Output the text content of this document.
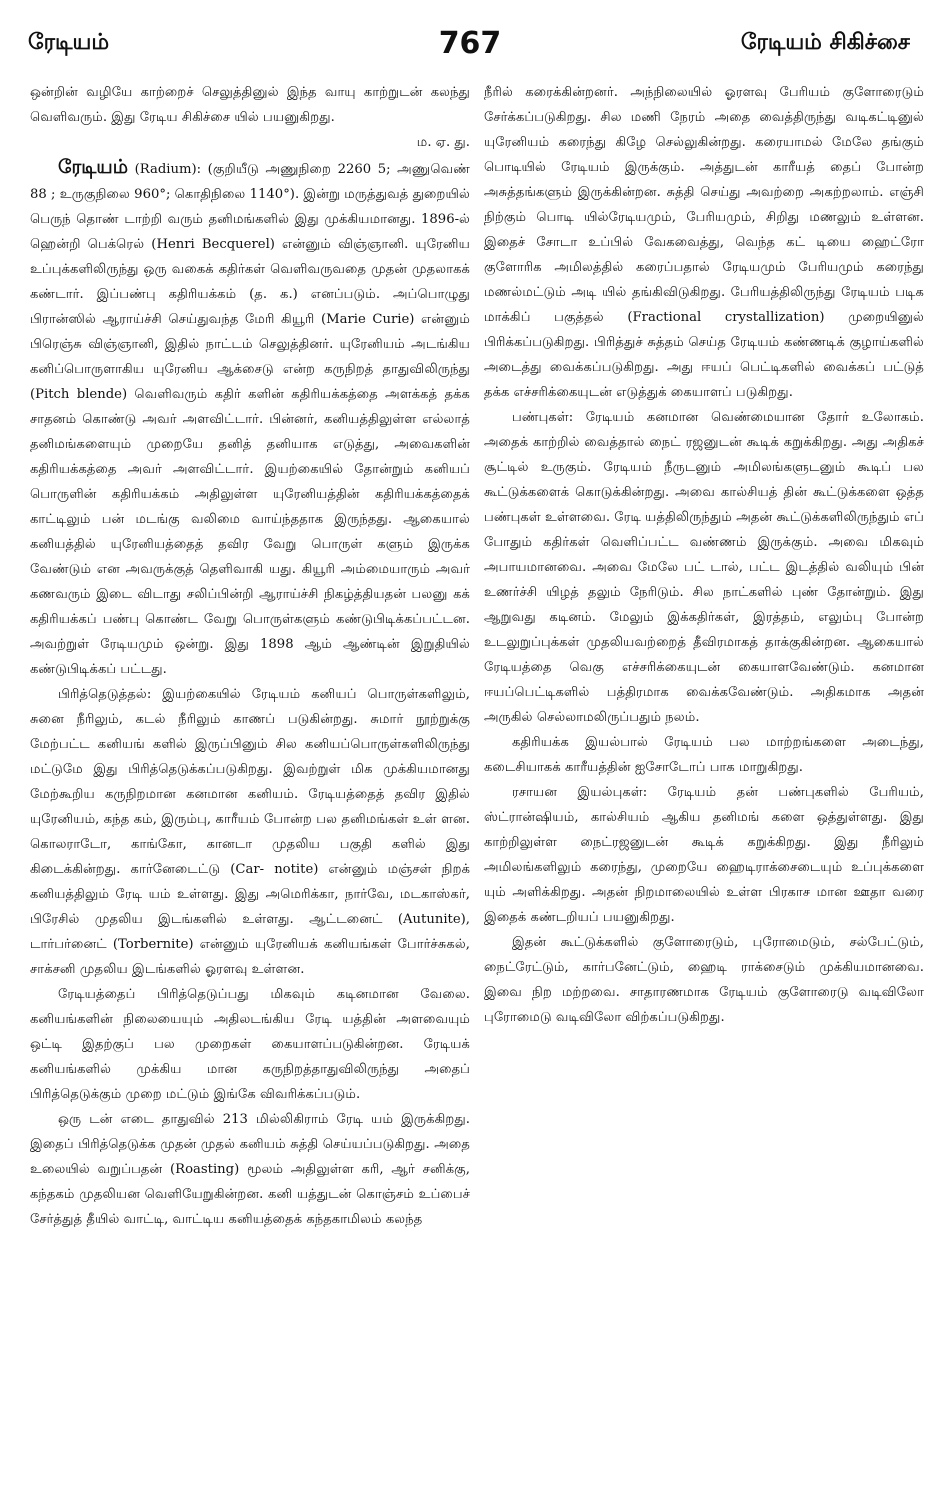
ரேடியம்	767	ரேடியம் சிகிச்சை

ஒன்றின் வழியே காற்றைச் செலுத்தினுல் இந்த வாயு காற்றுடன் கலந்து வெளிவரும். இது ரேடிய சிகிச்சை யில் பயனுகிறது.

ம. ஏ. து.

ரேடியம் (Radium): (குறியீடு அணுநிறை 2260 5; அணுவெண் 88 ; உருகுநிலை 960°; கொதிநிலை 1140°). இன்று மருத்துவத் துறையில் பெருந் தொண் டாற்றி வரும் தனிமங்களில் இது முக்கியமானது. 1896-ல் ஹென்றி பெக்ரெல் (Henri Becquerel) என்னும் விஞ்ஞானி. யுரேனிய உப்புக்களிலிருந்து ஒரு வகைக் கதிர்கள் வெளிவருவதை முதன் முதலாகக் கண்டார். இப்பண்பு கதிரியக்கம் (த. க.) எனப்படும். அப்பொழுது பிரான்ஸில் ஆராய்ச்சி செய்துவந்த மேரி கியூரி (Marie Curie) என்னும் பிரெஞ்சு விஞ்ஞானி, இதில் நாட்டம் செலுத்தினர். யுரேனியம் அடங்கிய கனிப்பொருளாகிய யுரேனிய ஆக்சைடு என்ற கருநிறத் தாதுவிலிருந்து (Pitch blende) வெளிவரும் கதிர் களின் கதிரியக்கத்தை அளக்கத் தக்க சாதனம் கொண்டு அவர் அளவிட்டார். பின்னர், கனியத்திலுள்ள எல்லாத் தனிமங்களையும் முறையே தனித் தனியாக எடுத்து, அவைகளின் கதிரியக்கத்தை அவர் அளவிட்டார். இயற்கையில் தோன்றும் கனியப் பொருளின் கதிரியக்கம் அதிலுள்ள யுரேனியத்தின் கதிரியக்கத்தைக் காட்டிலும் பன் மடங்கு வலிமை வாய்ந்ததாக இருந்தது. ஆகையால் கனியத்தில் யுரேனியத்தைத் தவிர வேறு பொருள் களும் இருக்க வேண்டும் என அவருக்குத் தெளிவாகி யது. கியூரி அம்மையாரும் அவர் கணவரும் இடை விடாது சலிப்பின்றி ஆராய்ச்சி நிகழ்த்தியதன் பலனு கக் கதிரியக்கப் பண்பு கொண்ட வேறு பொருள்களும் கண்டுபிடிக்கப்பட்டன. அவற்றுள் ரேடியமும் ஒன்று. இது 1898 ஆம் ஆண்டின் இறுதியில் கண்டுபிடிக்கப் பட்டது.

பிரித்தெடுத்தல்: இயற்கையில் ரேடியம் கனியப் பொருள்களிலும், சுனை நீரிலும், கடல் நீரிலும் காணப் படுகின்றது. சுமார் நூற்றுக்கு மேற்பட்ட கனியங் களில் இருப்பினும் சில கனியப்பொருள்களிலிருந்து மட்டுமே இது பிரித்தெடுக்கப்படுகிறது. இவற்றுள் மிக முக்கியமானது மேற்கூறிய கருநிறமான கனமான கனியம். ரேடியத்தைத் தவிர இதில் யுரேனியம், கந்த கம், இரும்பு, காரீயம் போன்ற பல தனிமங்கள் உள் ளன. கொலராடோ, காங்கோ, கானடா முதலிய பகுதி களில் இது கிடைக்கின்றது. கார்னேடைட்டு (Car- notite) என்னும் மஞ்சள் நிறக் கனியத்திலும் ரேடி யம் உள்ளது. இது அமெரிக்கா, நார்வே, மடகாஸ்கர், பிரேசில் முதலிய இடங்களில் உள்ளது. ஆட்டனைட் (Autunite), டார்பர்னைட் (Torbernite) என்னும் யுரேனியக் கனியங்கள் போர்ச்சுகல், சாக்சனி முதலிய இடங்களில் ஓரளவு உள்ளன.

ரேடியத்தைப் பிரித்தெடுப்பது மிகவும் கடினமான வேலை. கனியங்களின் நிலையையும் அதிலடங்கிய ரேடி யத்தின் அளவையும் ஒட்டி இதற்குப் பல முறைகள் கையாளப்படுகின்றன. ரேடியக் கனியங்களில் முக்கிய மான கருநிறத்தாதுவிலிருந்து அதைப் பிரித்தெடுக்கும் முறை மட்டும் இங்கே விவரிக்கப்படும்.

ஒரு டன் எடை தாதுவில் 213 மில்லிகிராம் ரேடி யம் இருக்கிறது. இதைப் பிரித்தெடுக்க முதன் முதல் கனியம் சுத்தி செய்யப்படுகிறது. அதை உலையில் வறுப்பதன் (Roasting) மூலம் அதிலுள்ள கரி, ஆர் சனிக்கு, கந்தகம் முதலியன வெளியேறுகின்றன. கனி யத்துடன் கொஞ்சம் உப்பைச் சேர்த்துத் தீயில் வாட்டி, வாட்டிய கனியத்தைக் கந்தகாமிலம் கலந்த

நீரில் கரைக்கின்றனர். அந்நிலையில் ஓரளவு பேரியம் குளோரைடும் சேர்க்கப்படுகிறது. சில மணி நேரம் அதை வைத்திருந்து வடிகட்டினுல் யுரேனியம் கரைந்து கிழே செல்லுகின்றது. கரையாமல் மேலே தங்கும் பொடியில் ரேடியம் இருக்கும். அத்துடன் காரீயத் தைப் போன்ற அசுத்தங்களும் இருக்கின்றன. சுத்தி செய்து அவற்றை அகற்றலாம். எஞ்சி நிற்கும் பொடி யில்ரேடியமும், பேரியமும், சிறிது மணலும் உள்ளன. இதைச் சோடா உப்பில் வேகவைத்து, வெந்த கட் டியை ஹைட்ரோ குளோரிக அமிலத்தில் கரைப்பதால் ரேடியமும் பேரியமும் கரைந்து மணல்மட்டும் அடி யில் தங்கிவிடுகிறது. பேரியத்திலிருந்து ரேடியம் படிக மாக்கிப் பகுத்தல் (Fractional crystallization) முறையினுல் பிரிக்கப்படுகிறது. பிரித்துச் சுத்தம் செய்த ரேடியம் கண்ணடிக் குழாய்களில் அடைத்து வைக்கப்படுகிறது. அது ஈயப் பெட்டிகளில் வைக்கப் பட்டுத் தக்க எச்சரிக்கையுடன் எடுத்துக் கையாளப் படுகிறது.

பண்புகள்: ரேடியம் கனமான வெண்மையான தோர் உலோகம். அதைக் காற்றில் வைத்தால் நைட் ரஜனுடன் கூடிக் கறுக்கிறது. அது அதிகச் சூட்டில் உருகும். ரேடியம் நீருடனும் அமிலங்களுடனும் கூடிப் பல கூட்டுக்களைக் கொடுக்கின்றது. அவை கால்சியத் தின் கூட்டுக்களை ஒத்த பண்புகள் உள்ளவை. ரேடி யத்திலிருந்தும் அதன் கூட்டுக்களிலிருந்தும் எப் போதும் கதிர்கள் வெளிப்பட்ட வண்ணம் இருக்கும். அவை மிகவும் அபாயமானவை. அவை மேலே பட் டால், பட்ட இடத்தில் வலியும் பின் உணர்ச்சி யிழத் தலும் நேரிடும். சில நாட்களில் புண் தோன்றும். இது ஆறுவது கடினம். மேலும் இக்கதிர்கள், இரத்தம், எலும்பு போன்ற உடலுறுப்புக்கள் முதலியவற்றைத் தீவிரமாகத் தாக்குகின்றன. ஆகையால் ரேடியத்தை வெகு எச்சரிக்கையுடன் கையாளவேண்டும். கனமான ஈயப்பெட்டிகளில் பத்திரமாக வைக்கவேண்டும். அதிகமாக அதன் அருகில் செல்லாமலிருப்பதும் நலம்.

கதிரியக்க இயல்பால் ரேடியம் பல மாற்றங்களை அடைந்து, கடைசியாகக் காரீயத்தின் ஐசோடோப் பாக மாறுகிறது.

ரசாயன இயல்புகள்: ரேடியம் தன் பண்புகளில் பேரியம், ஸ்ட்ரான்ஷியம், கால்சியம் ஆகிய தனிமங் களை ஒத்துள்ளது. இது காற்றிலுள்ள நைட்ரஜனுடன் கூடிக் கறுக்கிறது. இது நீரிலும் அமிலங்களிலும் கரைந்து, முறையே ஹைடிராக்சைடையும் உப்புக்களை யும் அளிக்கிறது. அதன் நிறமாலையில் உள்ள பிரகாச மான ஊதா வரை இதைக் கண்டறியப் பயனுகிறது.

இதன் கூட்டுக்களில் குளோரைடும், புரோமைடும், சல்பேட்டும், நைட்ரேட்டும், கார்பனேட்டும், ஹைடி ராக்சைடும் முக்கியமானவை. இவை நிற மற்றவை. சாதாரணமாக ரேடியம் குளோரைடு வடிவிலோ புரோமைடு வடிவிலோ விற்கப்படுகிறது.
